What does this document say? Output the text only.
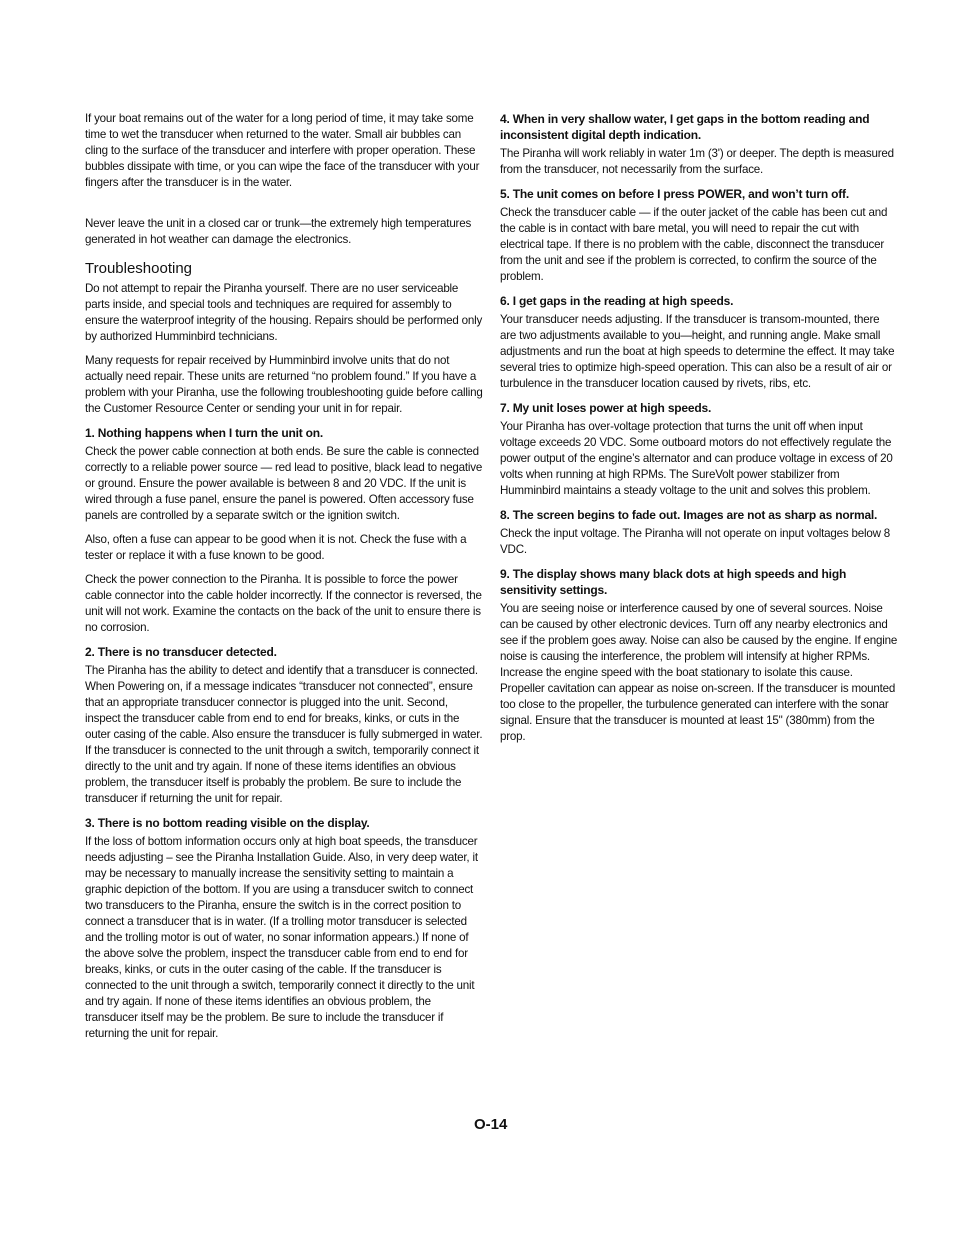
If your boat remains out of the water for a long period of time, it may take some time to wet the transducer when returned to the water. Small air bubbles can cling to the surface of the transducer and interfere with proper operation. These bubbles dissipate with time, or you can wipe the face of the transducer with your fingers after the transducer is in the water.

Never leave the unit in a closed car or trunk—the extremely high temperatures generated in hot weather can damage the electronics.

Troubleshooting

Do not attempt to repair the Piranha yourself. There are no user serviceable parts inside, and special tools and techniques are required for assembly to ensure the waterproof integrity of the housing. Repairs should be performed only by authorized Humminbird technicians.

Many requests for repair received by Humminbird involve units that do not actually need repair. These units are returned “no problem found.” If you have a problem with your Piranha, use the following troubleshooting guide before calling the Customer Resource Center or sending your unit in for repair.

1. Nothing happens when I turn the unit on.

Check the power cable connection at both ends. Be sure the cable is connected correctly to a reliable power source — red lead to positive, black lead to negative or ground. Ensure the power available is between 8 and 20 VDC. If the unit is wired through a fuse panel, ensure the panel is powered. Often accessory fuse panels are controlled by a separate switch or the ignition switch.

Also, often a fuse can appear to be good when it is not. Check the fuse with a tester or replace it with a fuse known to be good.

Check the power connection to the Piranha. It is possible to force the power cable connector into the cable holder incorrectly. If the connector is reversed, the unit will not work. Examine the contacts on the back of the unit to ensure there is no corrosion.

2. There is no transducer detected.

The Piranha has the ability to detect and identify that a transducer is connected. When Powering on, if a message indicates “transducer not connected”, ensure that an appropriate transducer connector is plugged into the unit. Second, inspect the transducer cable from end to end for breaks, kinks, or cuts in the outer casing of the cable. Also ensure the transducer is fully submerged in water. If the transducer is connected to the unit through a switch, temporarily connect it directly to the unit and try again. If none of these items identifies an obvious problem, the transducer itself is probably the problem. Be sure to include the transducer if returning the unit for repair.

3. There is no bottom reading visible on the display.

If the loss of bottom information occurs only at high boat speeds, the transducer needs adjusting – see the Piranha Installation Guide. Also, in very deep water, it may be necessary to manually increase the sensitivity setting to maintain a graphic depiction of the bottom. If you are using a transducer switch to connect two transducers to the Piranha, ensure the switch is in the correct position to connect a transducer that is in water. (If a trolling motor transducer is selected and the trolling motor is out of water, no sonar information appears.) If none of the above solve the problem, inspect the transducer cable from end to end for breaks, kinks, or cuts in the outer casing of the cable. If the transducer is connected to the unit through a switch, temporarily connect it directly to the unit and try again. If none of these items identifies an obvious problem, the transducer itself may be the problem. Be sure to include the transducer if returning the unit for repair.

4. When in very shallow water, I get gaps in the bottom reading and inconsistent digital depth indication.

The Piranha will work reliably in water 1m (3') or deeper. The depth is measured from the transducer, not necessarily from the surface.

5. The unit comes on before I press POWER, and won’t turn off.

Check the transducer cable — if the outer jacket of the cable has been cut and the cable is in contact with bare metal, you will need to repair the cut with electrical tape. If there is no problem with the cable, disconnect the transducer from the unit and see if the problem is corrected, to confirm the source of the problem.

6. I get gaps in the reading at high speeds.

Your transducer needs adjusting. If the transducer is transom-mounted, there are two adjustments available to you—height, and running angle. Make small adjustments and run the boat at high speeds to determine the effect. It may take several tries to optimize high-speed operation. This can also be a result of air or turbulence in the transducer location caused by rivets, ribs, etc.

7. My unit loses power at high speeds.

Your Piranha has over-voltage protection that turns the unit off when input voltage exceeds 20 VDC. Some outboard motors do not effectively regulate the power output of the engine’s alternator and can produce voltage in excess of 20 volts when running at high RPMs. The SureVolt power stabilizer from Humminbird maintains a steady voltage to the unit and solves this problem.

8. The screen begins to fade out. Images are not as sharp as normal.

Check the input voltage. The Piranha will not operate on input voltages below 8 VDC.

9. The display shows many black dots at high speeds and high sensitivity settings.

You are seeing noise or interference caused by one of several sources. Noise can be caused by other electronic devices. Turn off any nearby electronics and see if the problem goes away. Noise can also be caused by the engine. If engine noise is causing the interference, the problem will intensify at higher RPMs. Increase the engine speed with the boat stationary to isolate this cause. Propeller cavitation can appear as noise on-screen. If the transducer is mounted too close to the propeller, the turbulence generated can interfere with the sonar signal. Ensure that the transducer is mounted at least 15" (380mm) from the prop.

O-14
